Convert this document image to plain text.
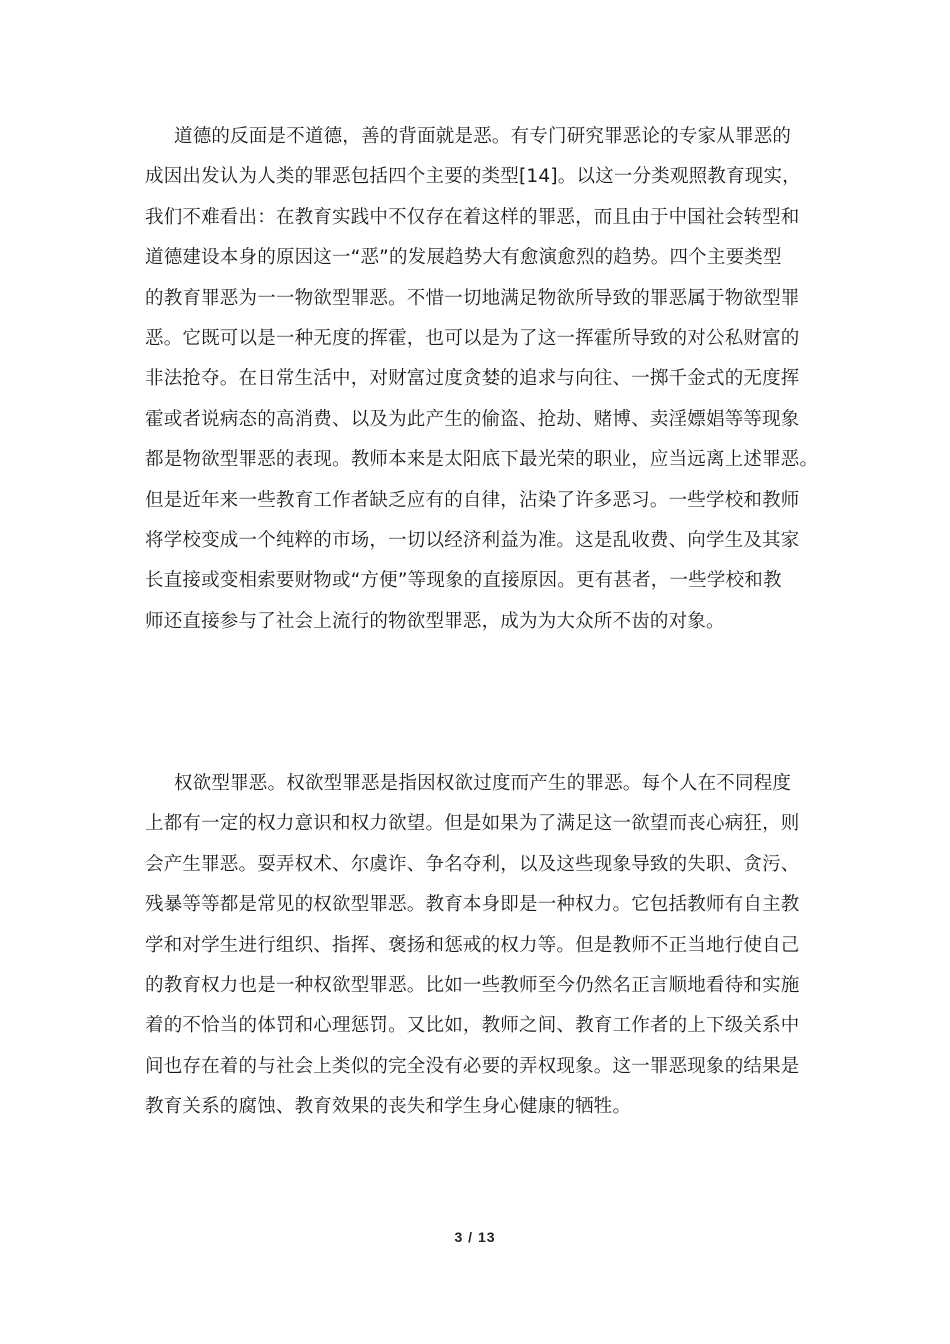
道德的反面是不道德，善的背面就是恶。有专门研究罪恶论的专家从罪恶的
成因出发认为人类的罪恶包括四个主要的类型[14]。以这一分类观照教育现实，
我们不难看出：在教育实践中不仅存在着这样的罪恶，而且由于中国社会转型和
道德建设本身的原因这一“恶”的发展趋势大有愈演愈烈的趋势。四个主要类型
的教育罪恶为一一物欲型罪恶。不惜一切地满足物欲所导致的罪恶属于物欲型罪
恶。它既可以是一种无度的挥霍，也可以是为了这一挥霍所导致的对公私财富的
非法抢夺。在日常生活中，对财富过度贪婪的追求与向往、一掷千金式的无度挥
霍或者说病态的高消费、以及为此产生的偷盗、抢劫、赌博、卖淫嫖娼等等现象
都是物欲型罪恶的表现。教师本来是太阳底下最光荣的职业，应当远离上述罪恶。
但是近年来一些教育工作者缺乏应有的自律，沾染了许多恶习。一些学校和教师
将学校变成一个纯粹的市场，一切以经济利益为准。这是乱收费、向学生及其家
长直接或变相索要财物或“方便”等现象的直接原因。更有甚者，一些学校和教
师还直接参与了社会上流行的物欲型罪恶，成为为大众所不齿的对象。
权欲型罪恶。权欲型罪恶是指因权欲过度而产生的罪恶。每个人在不同程度
上都有一定的权力意识和权力欲望。但是如果为了满足这一欲望而丧心病狂，则
会产生罪恶。耍弄权术、尔虞诈、争名夺利，以及这些现象导致的失职、贪污、
残暴等等都是常见的权欲型罪恶。教育本身即是一种权力。它包括教师有自主教
学和对学生进行组织、指挥、褒扬和惩戒的权力等。但是教师不正当地行使自己
的教育权力也是一种权欲型罪恶。比如一些教师至今仍然名正言顺地看待和实施
着的不恰当的体罚和心理惩罚。又比如，教师之间、教育工作者的上下级关系中
间也存在着的与社会上类似的完全没有必要的弄权现象。这一罪恶现象的结果是
教育关系的腐蚀、教育效果的丧失和学生身心健康的牺牲。
3 / 13
